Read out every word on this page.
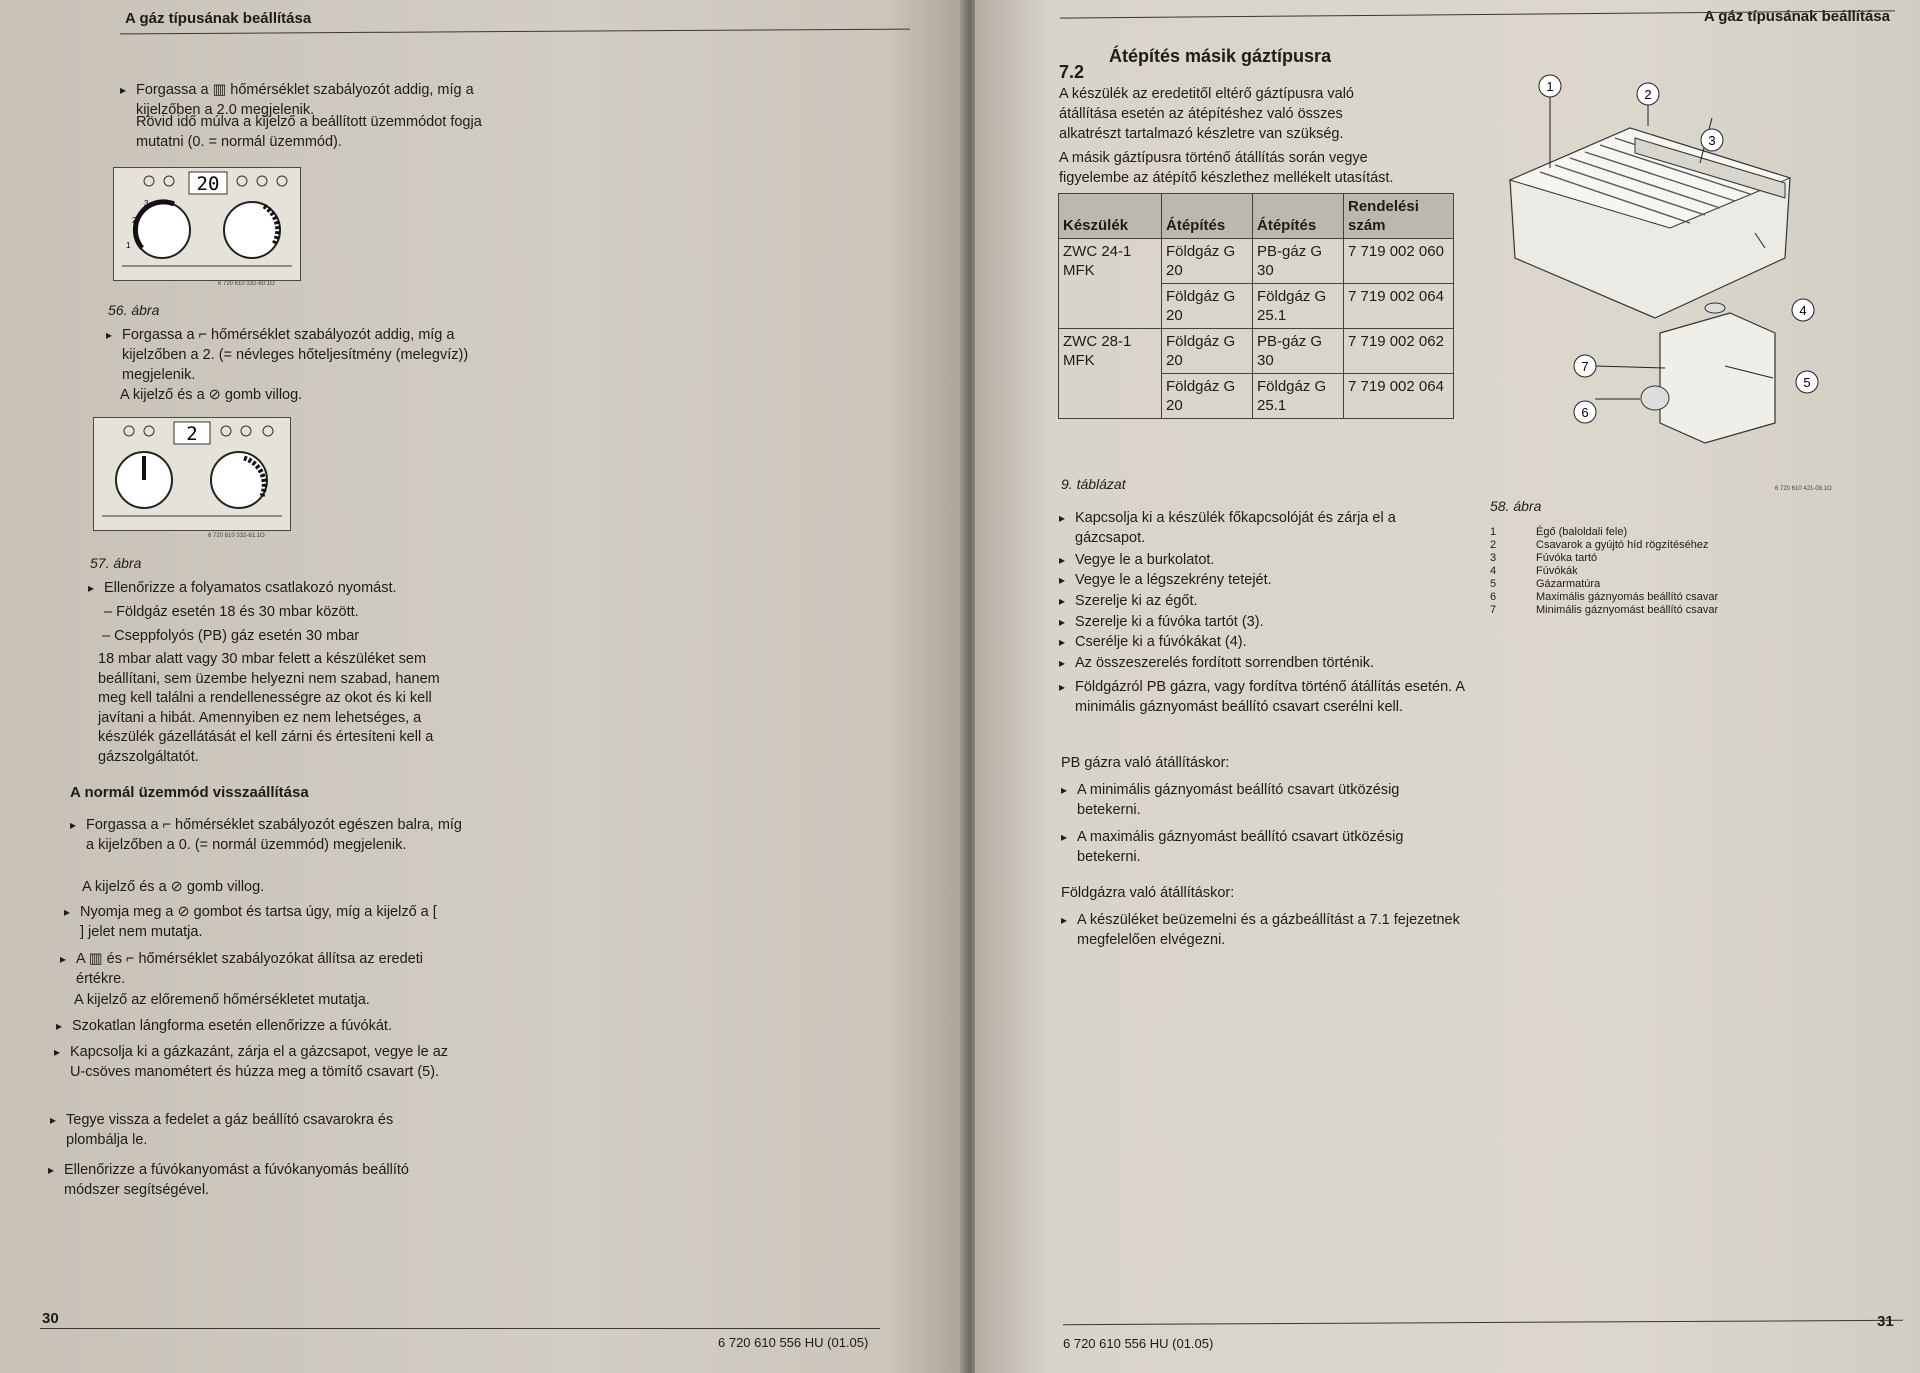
A gáz típusának beállítása
▸ Forgassa a ▥ hőmérséklet szabályozót addig, míg a kijelzőben a 2.0 megjelenik.
Rövid idő múlva a kijelző a beállított üzemmódot fogja mutatni (0. = normál üzemmód).
20
1
2
3
6 720 610 332-60.1O
56. ábra
▸ Forgassa a ⌐ hőmérséklet szabályozót addig, míg a kijelzőben a 2. (= névleges hőteljesítmény (melegvíz)) megjelenik.
A kijelző és a ⊘ gomb villog.
2
6 720 610 332-61.1O
57. ábra
▸ Ellenőrizze a folyamatos csatlakozó nyomást.
– Földgáz esetén 18 és 30 mbar között.
– Cseppfolyós (PB) gáz esetén 30 mbar
18 mbar alatt vagy 30 mbar felett a készüléket sem beállítani, sem üzembe helyezni nem szabad, hanem meg kell találni a rendellenességre az okot és ki kell javítani a hibát. Amennyiben ez nem lehetséges, a készülék gázellátását el kell zárni és értesíteni kell a gázszolgáltatót.
A normál üzemmód visszaállítása
▸ Forgassa a ⌐ hőmérséklet szabályozót egészen balra, míg a kijelzőben a 0. (= normál üzemmód) megjelenik.
A kijelző és a ⊘ gomb villog.
▸ Nyomja meg a ⊘ gombot és tartsa úgy, míg a kijelző a [ ] jelet nem mutatja.
▸ A ▥ és ⌐ hőmérséklet szabályozókat állítsa az eredeti értékre.
A kijelző az előremenő hőmérsékletet mutatja.
▸ Szokatlan lángforma esetén ellenőrizze a fúvókát.
▸ Kapcsolja ki a gázkazánt, zárja el a gázcsapot, vegye le az U-csöves manométert és húzza meg a tömítő csavart (5).
▸ Tegye vissza a fedelet a gáz beállító csavarokra és plombálja le.
▸ Ellenőrizze a fúvókanyomást a fúvókanyomás beállító módszer segítségével.
30
6 720 610 556 HU (01.05)
A gáz típusának beállítása
7.2
Átépítés másik gáztípusra
A készülék az eredetitől eltérő gáztípusra való átállítása esetén az átépítéshez való összes alkatrészt tartalmazó készletre van szükség.
A másik gáztípusra történő átállítás során vegye figyelembe az átépítő készlethez mellékelt utasítást.
Készülék	Átépítés	Átépítés	Rendelési szám
ZWC 24-1 MFK	Földgáz G 20	PB-gáz G 30	7 719 002 060
	Földgáz G 20	Földgáz G 25.1	7 719 002 064
ZWC 28-1 MFK	Földgáz G 20	PB-gáz G 30	7 719 002 062
	Földgáz G 20	Földgáz G 25.1	7 719 002 064
9. táblázat
▸ Kapcsolja ki a készülék főkapcsolóját és zárja el a gázcsapot.
▸ Vegye le a burkolatot.
▸ Vegye le a légszekrény tetejét.
▸ Szerelje ki az égőt.
▸ Szerelje ki a fúvóka tartót (3).
▸ Cserélje ki a fúvókákat (4).
▸ Az összeszerelés fordított sorrendben történik.
▸ Földgázról PB gázra, vagy fordítva történő átállítás esetén. A minimális gáznyomást beállító csavart cserélni kell.
PB gázra való átállításkor:
▸ A minimális gáznyomást beállító csavart ütközésig betekerni.
▸ A maximális gáznyomást beállító csavart ütközésig betekerni.
Földgázra való átállításkor:
▸ A készüléket beüzemelni és a gázbeállítást a 7.1 fejezetnek megfelelően elvégezni.
1
2
3
4
5
6
7
6 720 610 421-08.1O
58. ábra
1	Égő (baloldali fele)
2	Csavarok a gyújtó híd rögzítéséhez
3	Fúvóka tartó
4	Fúvókák
5	Gázarmatúra
6	Maximális gáznyomás beállító csavar
7	Minimális gáznyomást beállító csavar
6 720 610 556 HU (01.05)
31
